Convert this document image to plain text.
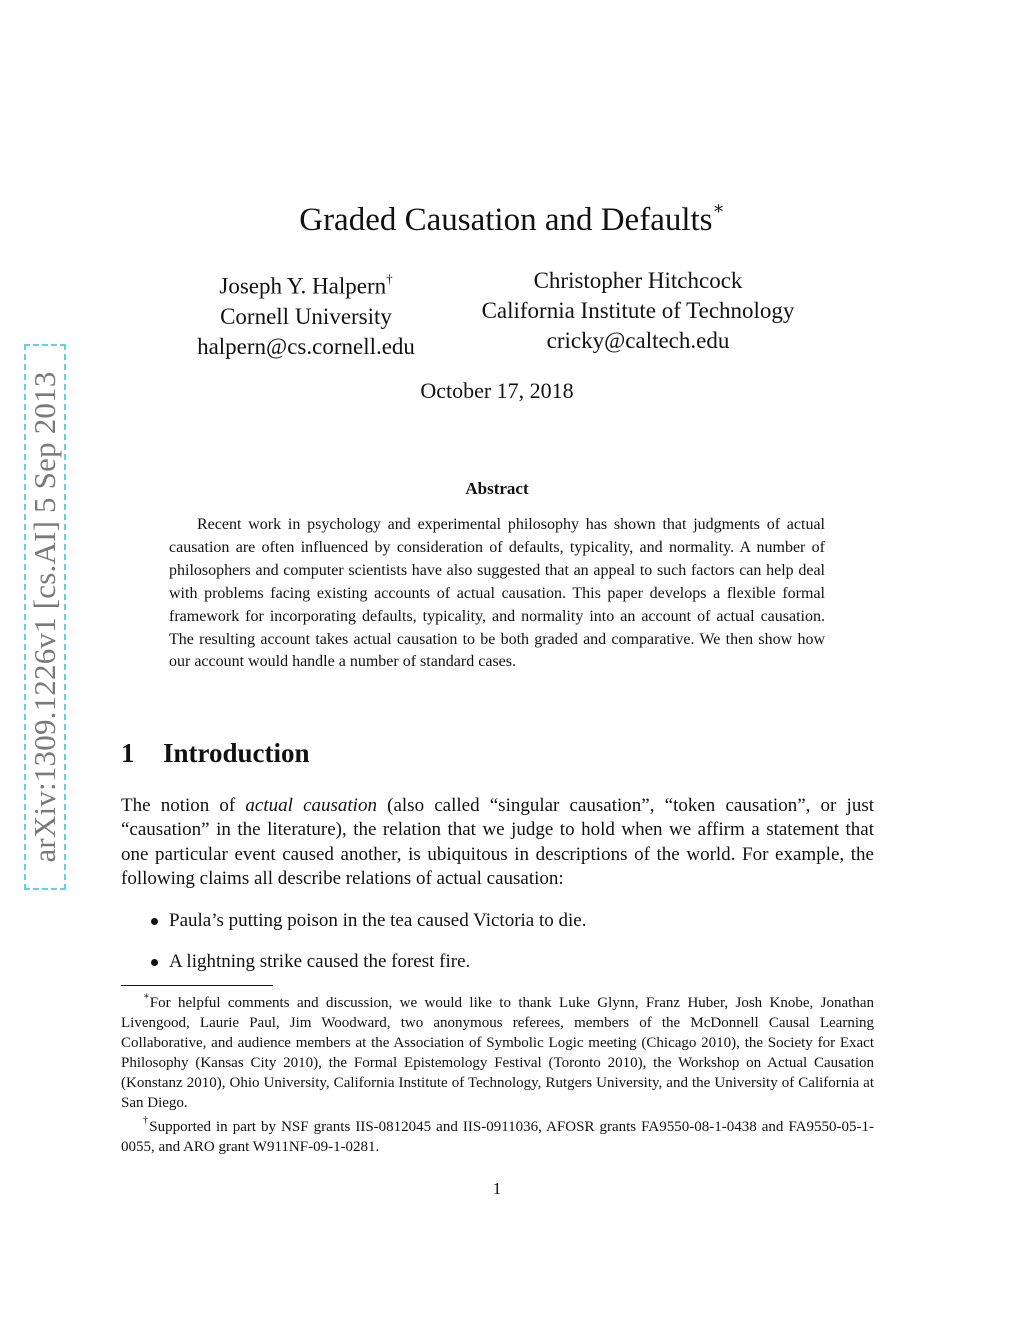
arXiv:1309.1226v1 [cs.AI] 5 Sep 2013
Graded Causation and Defaults∗
Joseph Y. Halpern†
Cornell University
halpern@cs.cornell.edu
Christopher Hitchcock
California Institute of Technology
cricky@caltech.edu
October 17, 2018
Abstract

Recent work in psychology and experimental philosophy has shown that judgments of actual causation are often influenced by consideration of defaults, typicality, and normality. A number of philosophers and computer scientists have also suggested that an appeal to such factors can help deal with problems facing existing accounts of actual causation. This paper develops a flexible formal framework for incorporating defaults, typicality, and normality into an account of actual causation. The resulting account takes actual causation to be both graded and comparative. We then show how our account would handle a number of standard cases.

1 Introduction

The notion of actual causation (also called “singular causation”, “token causation”, or just “causation” in the literature), the relation that we judge to hold when we affirm a statement that one particular event caused another, is ubiquitous in descriptions of the world. For example, the following claims all describe relations of actual causation:

Paula’s putting poison in the tea caused Victoria to die.
A lightning strike caused the forest fire.

∗For helpful comments and discussion, we would like to thank Luke Glynn, Franz Huber, Josh Knobe, Jonathan Livengood, Laurie Paul, Jim Woodward, two anonymous referees, members of the McDonnell Causal Learning Collaborative, and audience members at the Association of Symbolic Logic meeting (Chicago 2010), the Society for Exact Philosophy (Kansas City 2010), the Formal Epistemology Festival (Toronto 2010), the Workshop on Actual Causation (Konstanz 2010), Ohio University, California Institute of Technology, Rutgers University, and the University of California at San Diego.

†Supported in part by NSF grants IIS-0812045 and IIS-0911036, AFOSR grants FA9550-08-1-0438 and FA9550-05-1-0055, and ARO grant W911NF-09-1-0281.

1
